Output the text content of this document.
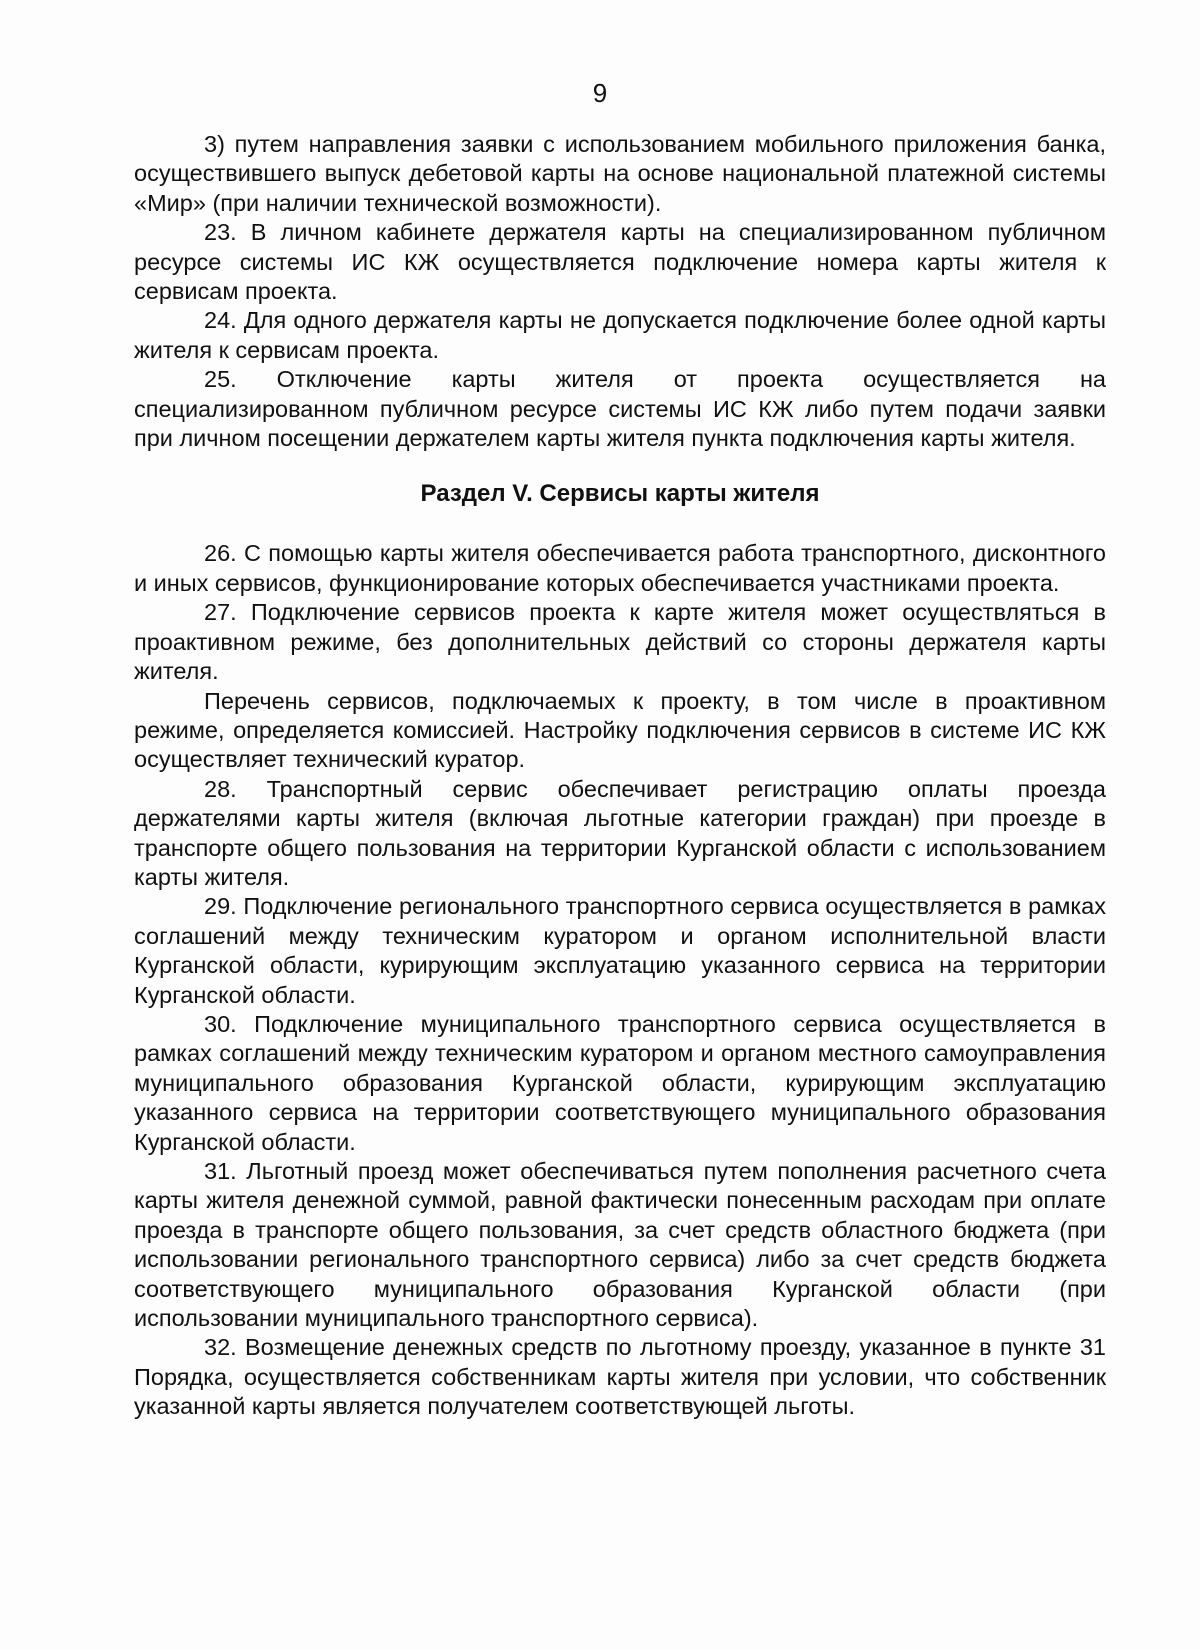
9

3) путем направления заявки с использованием мобильного приложения банка, осуществившего выпуск дебетовой карты на основе национальной платежной системы «Мир» (при наличии технической возможности).

23. В личном кабинете держателя карты на специализированном публичном ресурсе системы ИС КЖ осуществляется подключение номера карты жителя к сервисам проекта.

24. Для одного держателя карты не допускается подключение более одной карты жителя к сервисам проекта.

25. Отключение карты жителя от проекта осуществляется на специализированном публичном ресурсе системы ИС КЖ либо путем подачи заявки при личном посещении держателем карты жителя пункта подключения карты жителя.

Раздел V. Сервисы карты жителя

26. С помощью карты жителя обеспечивается работа транспортного, дисконтного и иных сервисов, функционирование которых обеспечивается участниками проекта.

27. Подключение сервисов проекта к карте жителя может осуществляться в проактивном режиме, без дополнительных действий со стороны держателя карты жителя.

Перечень сервисов, подключаемых к проекту, в том числе в проактивном режиме, определяется комиссией. Настройку подключения сервисов в системе ИС КЖ осуществляет технический куратор.

28. Транспортный сервис обеспечивает регистрацию оплаты проезда держателями карты жителя (включая льготные категории граждан) при проезде в транспорте общего пользования на территории Курганской области с использованием карты жителя.

29. Подключение регионального транспортного сервиса осуществляется в рамках соглашений между техническим куратором и органом исполнительной власти Курганской области, курирующим эксплуатацию указанного сервиса на территории Курганской области.

30. Подключение муниципального транспортного сервиса осуществляется в рамках соглашений между техническим куратором и органом местного самоуправления муниципального образования Курганской области, курирующим эксплуатацию указанного сервиса на территории соответствующего муниципального образования Курганской области.

31. Льготный проезд может обеспечиваться путем пополнения расчетного счета карты жителя денежной суммой, равной фактически понесенным расходам при оплате проезда в транспорте общего пользования, за счет средств областного бюджета (при использовании регионального транспортного сервиса) либо за счет средств бюджета соответствующего муниципального образования Курганской области (при использовании муниципального транспортного сервиса).

32. Возмещение денежных средств по льготному проезду, указанное в пункте 31 Порядка, осуществляется собственникам карты жителя при условии, что собственник указанной карты является получателем соответствующей льготы.
